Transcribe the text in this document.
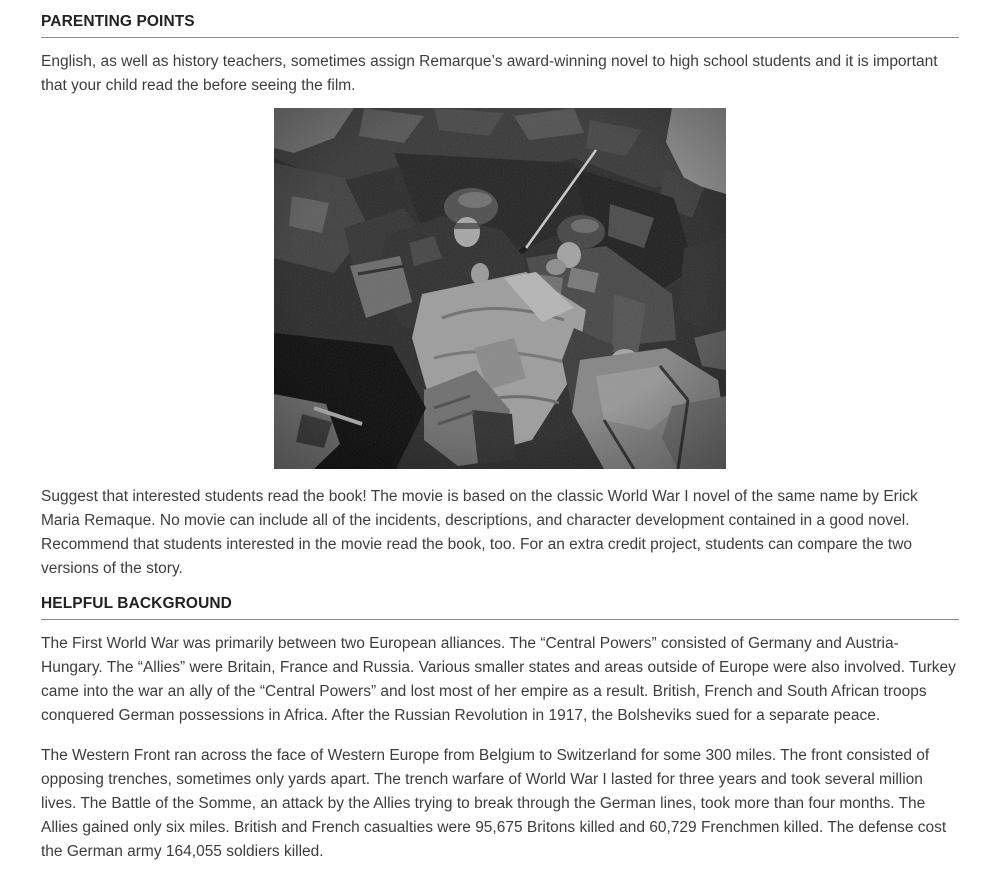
PARENTING POINTS

English, as well as history teachers, sometimes assign Remarque’s award-winning novel to high school students and it is important that your child read the before seeing the film.

Suggest that interested students read the book! The movie is based on the classic World War I novel of the same name by Erick Maria Remaque. No movie can include all of the incidents, descriptions, and character development contained in a good novel. Recommend that students interested in the movie read the book, too. For an extra credit project, students can compare the two versions of the story.

HELPFUL BACKGROUND

The First World War was primarily between two European alliances. The “Central Powers” consisted of Germany and Austria-Hungary. The “Allies” were Britain, France and Russia. Various smaller states and areas outside of Europe were also involved. Turkey came into the war an ally of the “Central Powers” and lost most of her empire as a result. British, French and South African troops conquered German possessions in Africa. After the Russian Revolution in 1917, the Bolsheviks sued for a separate peace.

The Western Front ran across the face of Western Europe from Belgium to Switzerland for some 300 miles. The front consisted of opposing trenches, sometimes only yards apart. The trench warfare of World War I lasted for three years and took several million lives. The Battle of the Somme, an attack by the Allies trying to break through the German lines, took more than four months. The Allies gained only six miles. British and French casualties were 95,675 Britons killed and 60,729 Frenchmen killed. The defense cost the German army 164,055 soldiers killed.
